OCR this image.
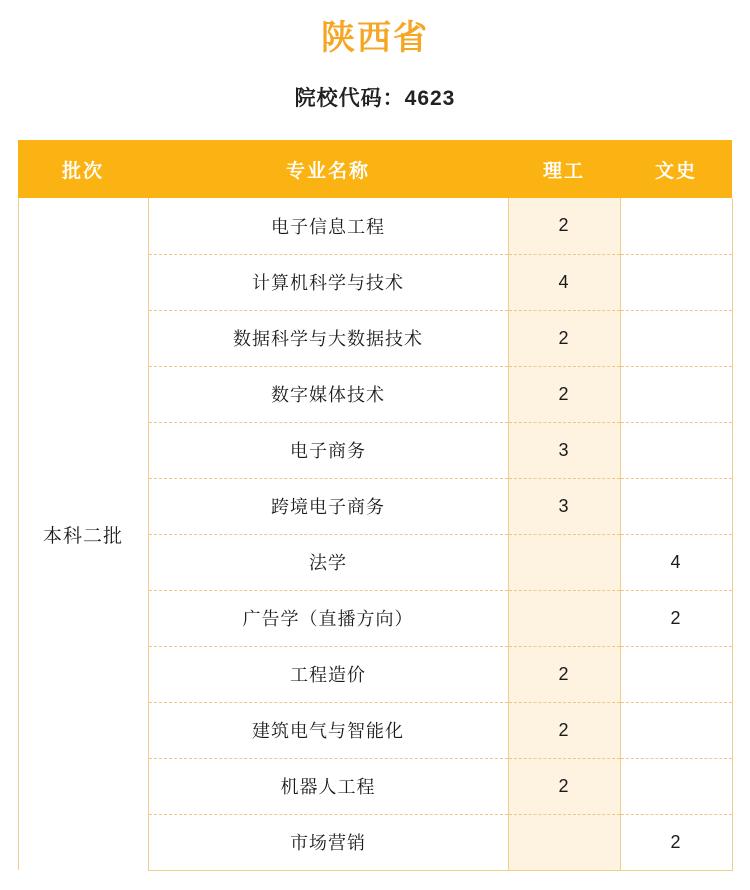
陕西省
院校代码：4623
批次	专业名称	理工	文史
本科二批	电子信息工程	2	
	计算机科学与技术	4	
	数据科学与大数据技术	2	
	数字媒体技术	2	
	电子商务	3	
	跨境电子商务	3	
	法学		4
	广告学（直播方向）		2
	工程造价	2	
	建筑电气与智能化	2	
	机器人工程	2	
	市场营销		2
